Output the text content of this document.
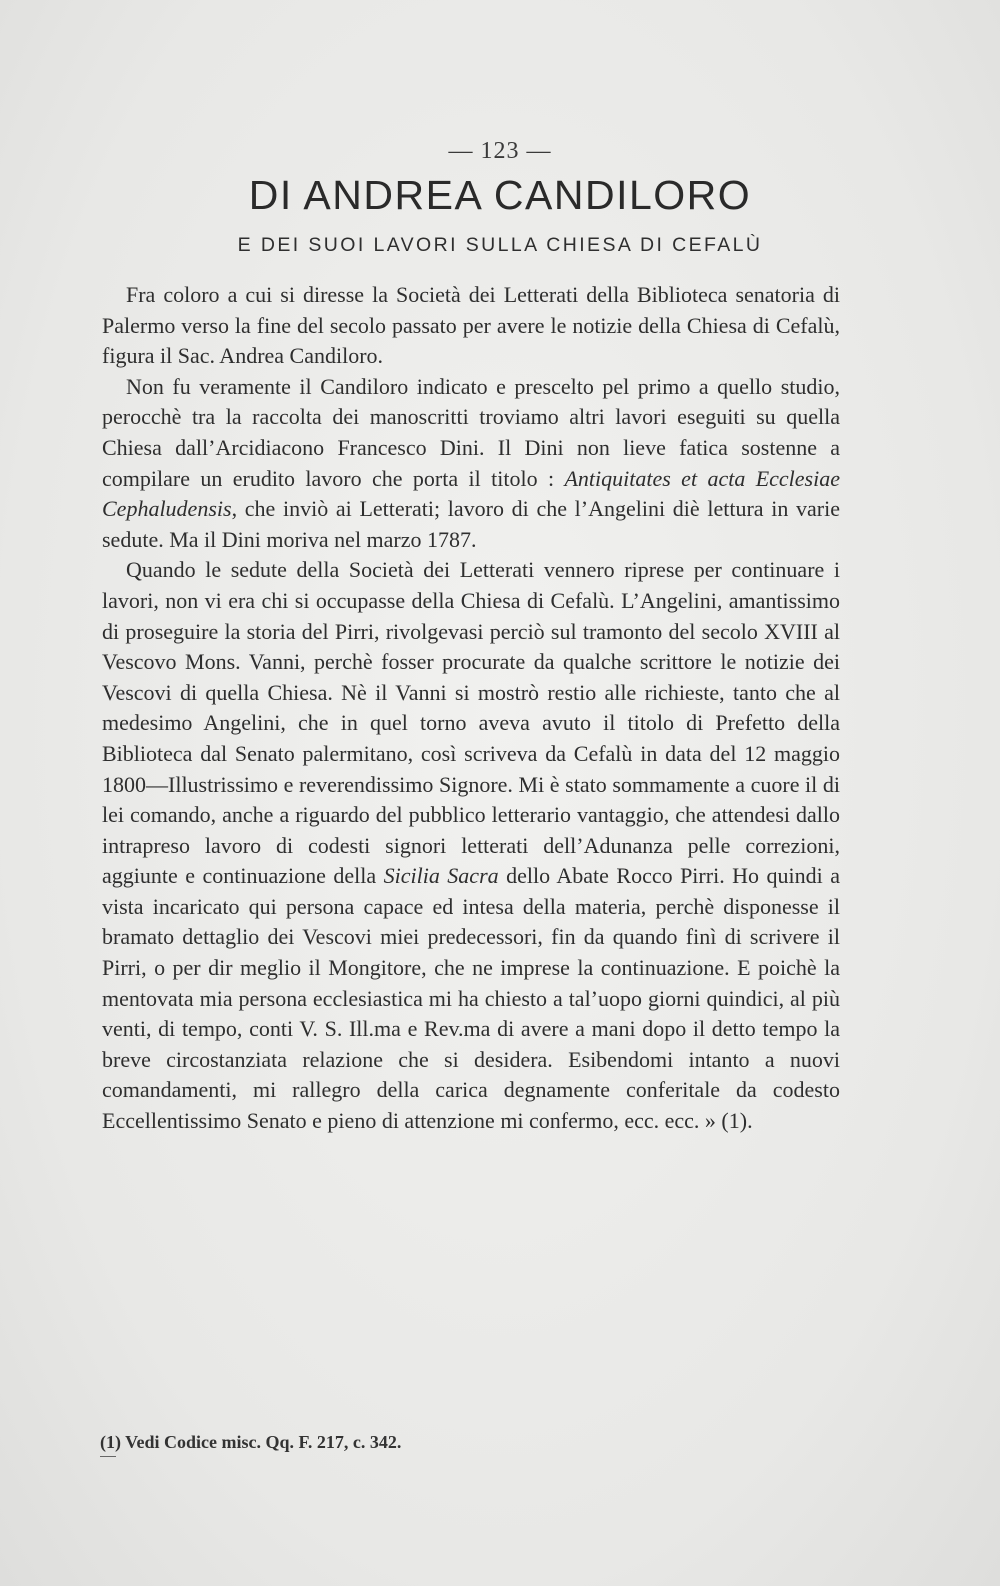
— 123 —
DI ANDREA CANDILORO
E DEI SUOI LAVORI SULLA CHIESA DI CEFALÙ

Fra coloro a cui si diresse la Società dei Letterati della Biblioteca senatoria di Palermo verso la fine del secolo passato per avere le notizie della Chiesa di Cefalù, figura il Sac. Andrea Candiloro.

Non fu veramente il Candiloro indicato e prescelto pel primo a quello studio, perocchè tra la raccolta dei manoscritti troviamo altri lavori eseguiti su quella Chiesa dall’Arcidiacono Francesco Dini. Il Dini non lieve fatica sostenne a compilare un erudito lavoro che porta il titolo : Antiquitates et acta Ecclesiae Cephaludensis, che inviò ai Letterati; lavoro di che l’Angelini diè lettura in varie sedute. Ma il Dini moriva nel marzo 1787.

Quando le sedute della Società dei Letterati vennero riprese per continuare i lavori, non vi era chi si occupasse della Chiesa di Cefalù. L’Angelini, amantissimo di proseguire la storia del Pirri, rivolgevasi perciò sul tramonto del secolo XVIII al Vescovo Mons. Vanni, perchè fosser procurate da qualche scrittore le notizie dei Vescovi di quella Chiesa. Nè il Vanni si mostrò restio alle richieste, tanto che al medesimo Angelini, che in quel torno aveva avuto il titolo di Prefetto della Biblioteca dal Senato palermitano, così scriveva da Cefalù in data del 12 maggio 1800—Illustrissimo e reverendissimo Signore. Mi è stato sommamente a cuore il di lei comando, anche a riguardo del pubblico letterario vantaggio, che attendesi dallo intrapreso lavoro di codesti signori letterati dell’Adunanza pelle correzioni, aggiunte e continuazione della Sicilia Sacra dello Abate Rocco Pirri. Ho quindi a vista incaricato qui persona capace ed intesa della materia, perchè disponesse il bramato dettaglio dei Vescovi miei predecessori, fin da quando finì di scrivere il Pirri, o per dir meglio il Mongitore, che ne imprese la continuazione. E poichè la mentovata mia persona ecclesiastica mi ha chiesto a tal’uopo giorni quindici, al più venti, di tempo, conti V. S. Ill.ma e Rev.ma di avere a mani dopo il detto tempo la breve circostanziata relazione che si desidera. Esibendomi intanto a nuovi comandamenti, mi rallegro della carica degnamente conferitale da codesto Eccellentissimo Senato e pieno di attenzione mi confermo, ecc. ecc. » (1).

(1) Vedi Codice misc. Qq. F. 217, c. 342.
